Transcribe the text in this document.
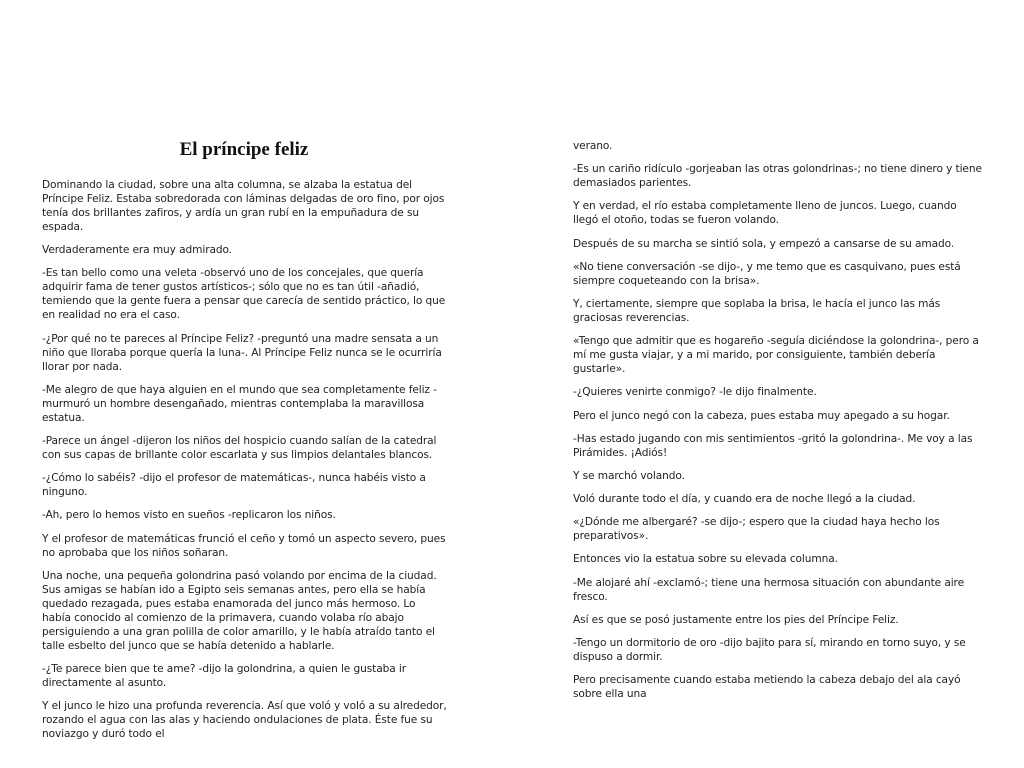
El príncipe feliz

Dominando la ciudad, sobre una alta columna, se alzaba la estatua del Príncipe Feliz. Estaba sobredorada con láminas delgadas de oro fino, por ojos tenía dos brillantes zafiros, y ardía un gran rubí en la empuñadura de su espada.

Verdaderamente era muy admirado.

-Es tan bello como una veleta -observó uno de los concejales, que quería adquirir fama de tener gustos artísticos-; sólo que no es tan útil -añadió, temiendo que la gente fuera a pensar que carecía de sentido práctico, lo que en realidad no era el caso.

-¿Por qué no te pareces al Príncipe Feliz? -preguntó una madre sensata a un niño que lloraba porque quería la luna-. Al Príncipe Feliz nunca se le ocurriría llorar por nada.

-Me alegro de que haya alguien en el mundo que sea completamente feliz -murmuró un hombre desengañado, mientras contemplaba la maravillosa estatua.

-Parece un ángel -dijeron los niños del hospicio cuando salían de la catedral con sus capas de brillante color escarlata y sus limpios delantales blancos.

-¿Cómo lo sabéis? -dijo el profesor de matemáticas-, nunca habéis visto a ninguno.

-Ah, pero lo hemos visto en sueños -replicaron los niños.

Y el profesor de matemáticas frunció el ceño y tomó un aspecto severo, pues no aprobaba que los niños soñaran.

Una noche, una pequeña golondrina pasó volando por encima de la ciudad. Sus amigas se habían ido a Egipto seis semanas antes, pero ella se había quedado rezagada, pues estaba enamorada del junco más hermoso. Lo había conocido al comienzo de la primavera, cuando volaba río abajo persiguiendo a una gran polilla de color amarillo, y le había atraído tanto el talle esbelto del junco que se había detenido a hablarle.

-¿Te parece bien que te ame? -dijo la golondrina, a quien le gustaba ir directamente al asunto.

Y el junco le hizo una profunda reverencia. Así que voló y voló a su alrededor, rozando el agua con las alas y haciendo ondulaciones de plata. Éste fue su noviazgo y duró todo el

verano.

-Es un cariño ridículo -gorjeaban las otras golondrinas-; no tiene dinero y tiene demasiados parientes.

Y en verdad, el río estaba completamente lleno de juncos. Luego, cuando llegó el otoño, todas se fueron volando.

Después de su marcha se sintió sola, y empezó a cansarse de su amado.

«No tiene conversación -se dijo-, y me temo que es casquivano, pues está siempre coqueteando con la brisa».

Y, ciertamente, siempre que soplaba la brisa, le hacía el junco las más graciosas reverencias.

«Tengo que admitir que es hogareño -seguía diciéndose la golondrina-, pero a mí me gusta viajar, y a mi marido, por consiguiente, también debería gustarle».

-¿Quieres venirte conmigo? -le dijo finalmente.

Pero el junco negó con la cabeza, pues estaba muy apegado a su hogar.

-Has estado jugando con mis sentimientos -gritó la golondrina-. Me voy a las Pirámides. ¡Adiós!

Y se marchó volando.

Voló durante todo el día, y cuando era de noche llegó a la ciudad.

«¿Dónde me albergaré? -se dijo-; espero que la ciudad haya hecho los preparativos».

Entonces vio la estatua sobre su elevada columna.

-Me alojaré ahí -exclamó-; tiene una hermosa situación con abundante aire fresco.

Así es que se posó justamente entre los pies del Príncipe Feliz.

-Tengo un dormitorio de oro -dijo bajito para sí, mirando en torno suyo, y se dispuso a dormir.

Pero precisamente cuando estaba metiendo la cabeza debajo del ala cayó sobre ella una
